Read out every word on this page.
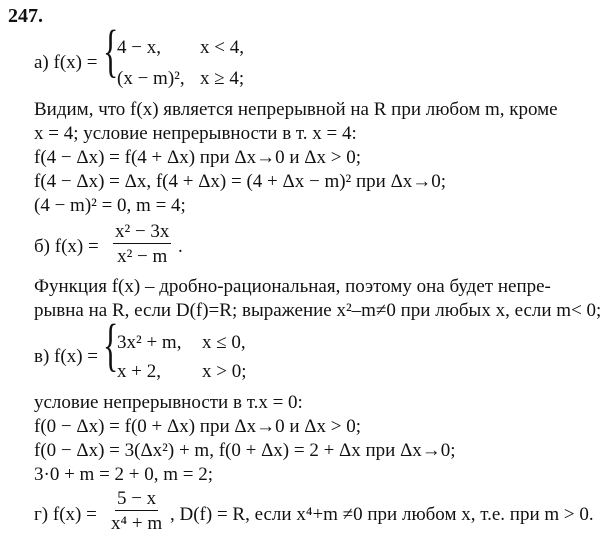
247.
а) f(x) = {
4 − x, x < 4,
(x − m)², x ≥ 4;
Видим, что f(x) является непрерывной на R при любом m, кроме
x = 4; условие непрерывности в т. x = 4:
f(4 − Δx) = f(4 + Δx) при Δx→0 и Δx > 0;
f(4 − Δx) = Δx, f(4 + Δx) = (4 + Δx − m)² при Δx→0;
(4 − m)² = 0, m = 4;
б) $f(x) = \frac{\text{x² − 3x}}{\text{x² − m}}$ .
Функция f(x) – дробно-рациональная, поэтому она будет непре-
рывна на R, если D(f)=R; выражение x²–m≠0 при любых x, если m< 0;
в) f(x) = {
3x² + m, x ≤ 0,
x + 2, x > 0;
условие непрерывности в т.x = 0:
f(0 − Δx) = f(0 + Δx) при Δx→0 и Δx > 0;
f(0 − Δx) = 3(Δx²) + m, f(0 + Δx) = 2 + Δx при Δx→0;
3·0 + m = 2 + 0, m = 2;
г) $f(x) = \frac{5 - x}{\text{x⁴ + m}}$ , D(f) = R, если x⁴+m ≠0 при любом x, т.е. при m > 0.
